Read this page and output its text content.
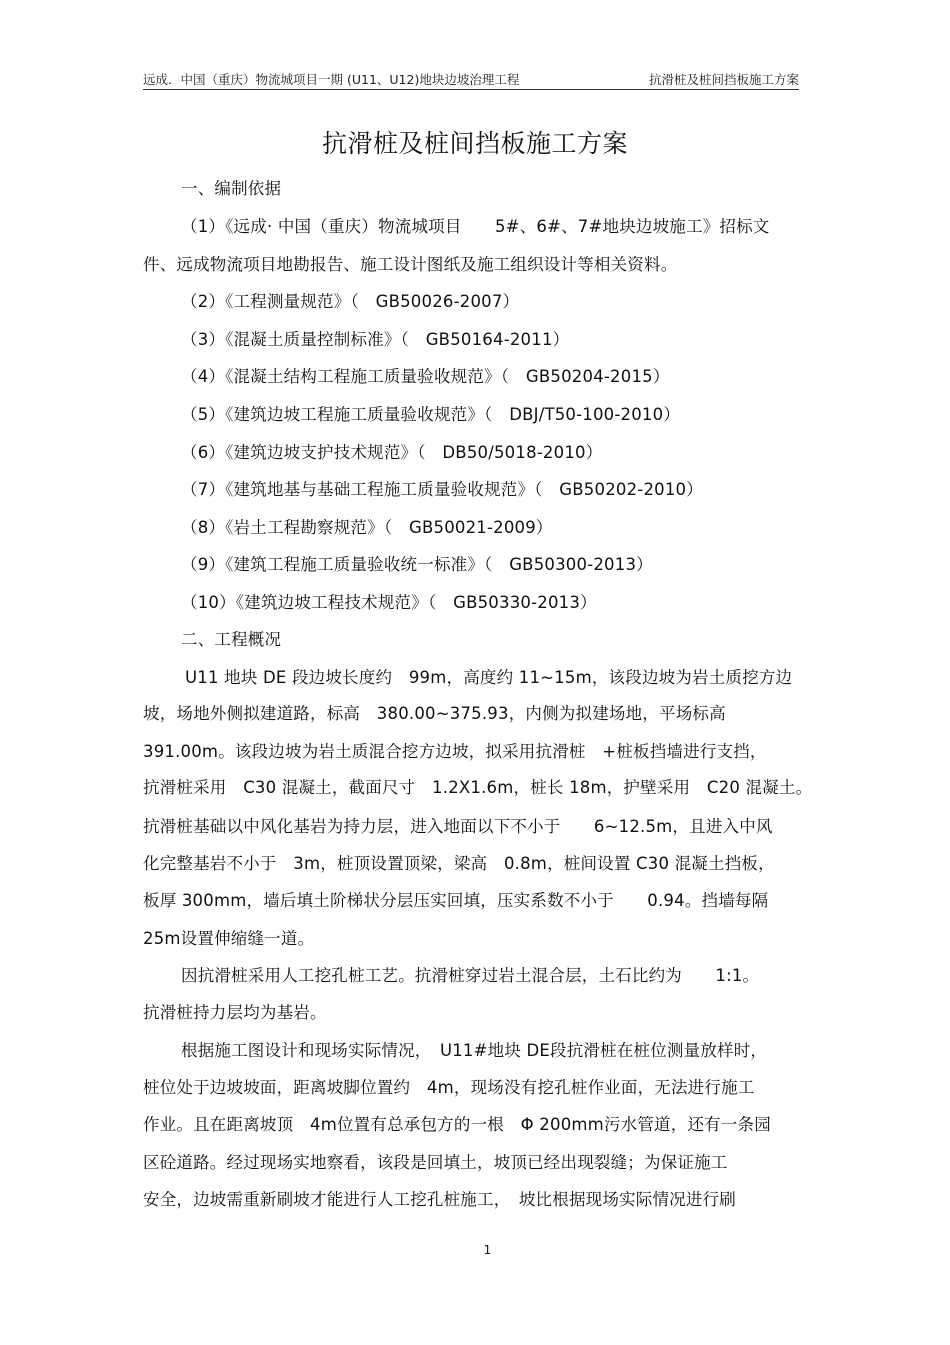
远成．中国（重庆）物流城项目一期 (U11、U12)地块边坡治理工程	抗滑桩及桩间挡板施工方案
抗滑桩及桩间挡板施工方案
一、编制依据
（1）《远成· 中国（重庆）物流城项目　　5#、6#、7#地块边坡施工》招标文
件、远成物流项目地勘报告、施工设计图纸及施工组织设计等相关资料。
（2）《工程测量规范》（　GB50026-2007）
（3）《混凝土质量控制标准》（　GB50164-2011）
（4）《混凝土结构工程施工质量验收规范》（　GB50204-2015）
（5）《建筑边坡工程施工质量验收规范》（　DBJ/T50-100-2010）
（6）《建筑边坡支护技术规范》（　DB50/5018-2010）
（7）《建筑地基与基础工程施工质量验收规范》（　GB50202-2010）
（8）《岩土工程勘察规范》（　GB50021-2009）
（9）《建筑工程施工质量验收统一标准》（　GB50300-2013）
（10）《建筑边坡工程技术规范》（　GB50330-2013）
二、工程概况
U11 地块 DE 段边坡长度约　99m，高度约 11~15m，该段边坡为岩土质挖方边
坡，场地外侧拟建道路，标高　380.00~375.93，内侧为拟建场地，平场标高
391.00m。该段边坡为岩土质混合挖方边坡，拟采用抗滑桩　+桩板挡墙进行支挡，
抗滑桩采用　C30 混凝土，截面尺寸　1.2X1.6m，桩长 18m，护壁采用　C20 混凝土。
抗滑桩基础以中风化基岩为持力层，进入地面以下不小于　　6~12.5m，且进入中风
化完整基岩不小于　3m，桩顶设置顶梁，梁高　0.8m，桩间设置 C30 混凝土挡板，
板厚 300mm，墙后填土阶梯状分层压实回填，压实系数不小于　　0.94。挡墙每隔
25m设置伸缩缝一道。
因抗滑桩采用人工挖孔桩工艺。抗滑桩穿过岩土混合层，土石比约为　　1:1。
抗滑桩持力层均为基岩。
根据施工图设计和现场实际情况，　U11#地块 DE段抗滑桩在桩位测量放样时，
桩位处于边坡坡面，距离坡脚位置约　4m，现场没有挖孔桩作业面，无法进行施工
作业。且在距离坡顶　4m位置有总承包方的一根　Φ 200mm污水管道，还有一条园
区砼道路。经过现场实地察看，该段是回填土，坡顶已经出现裂缝；为保证施工
安全，边坡需重新刷坡才能进行人工挖孔桩施工，　坡比根据现场实际情况进行刷
1
